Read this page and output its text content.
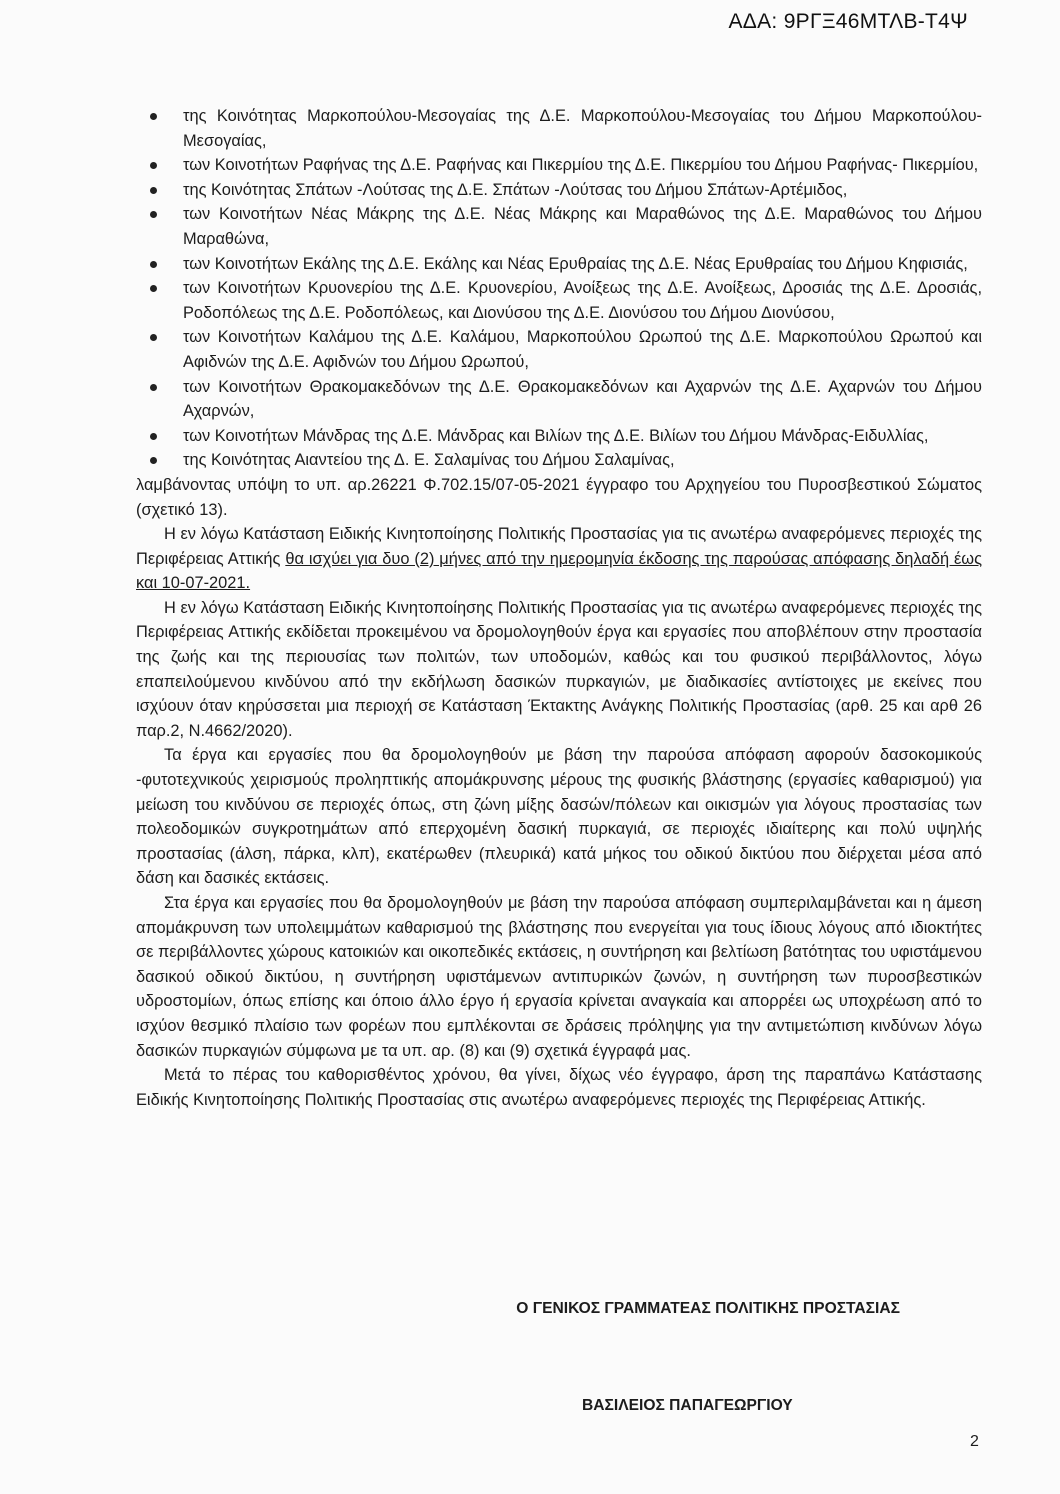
ΑΔΑ: 9ΡΓΞ46ΜΤΛΒ-Τ4Ψ
της Κοινότητας Μαρκοπούλου-Μεσογαίας της Δ.Ε. Μαρκοπούλου-Μεσογαίας του Δήμου Μαρκοπούλου-Μεσογαίας,
των Κοινοτήτων Ραφήνας της Δ.Ε. Ραφήνας και Πικερμίου της Δ.Ε. Πικερμίου του Δήμου Ραφήνας- Πικερμίου,
της Κοινότητας Σπάτων -Λούτσας της Δ.Ε. Σπάτων -Λούτσας του Δήμου Σπάτων-Αρτέμιδος,
των Κοινοτήτων Νέας Μάκρης της Δ.Ε. Νέας Μάκρης και Μαραθώνος της Δ.Ε. Μαραθώνος του Δήμου Μαραθώνα,
των Κοινοτήτων Εκάλης της Δ.Ε. Εκάλης και Νέας Ερυθραίας της Δ.Ε. Νέας Ερυθραίας του Δήμου Κηφισιάς,
των Κοινοτήτων Κρυονερίου της Δ.Ε. Κρυονερίου, Ανοίξεως της Δ.Ε. Ανοίξεως, Δροσιάς της Δ.Ε. Δροσιάς, Ροδοπόλεως της Δ.Ε. Ροδοπόλεως, και Διονύσου της Δ.Ε. Διονύσου του Δήμου Διονύσου,
των Κοινοτήτων Καλάμου της Δ.Ε. Καλάμου, Μαρκοπούλου Ωρωπού της Δ.Ε. Μαρκοπούλου Ωρωπού και Αφιδνών της Δ.Ε. Αφιδνών του Δήμου Ωρωπού,
των Κοινοτήτων Θρακομακεδόνων της Δ.Ε. Θρακομακεδόνων και Αχαρνών της Δ.Ε. Αχαρνών του Δήμου Αχαρνών,
των Κοινοτήτων Μάνδρας της Δ.Ε. Μάνδρας και Βιλίων της Δ.Ε. Βιλίων του Δήμου Μάνδρας-Ειδυλλίας,
της Κοινότητας Αιαντείου της Δ. Ε. Σαλαμίνας του Δήμου Σαλαμίνας,

λαμβάνοντας υπόψη το υπ. αρ.26221 Φ.702.15/07-05-2021 έγγραφο του Αρχηγείου του Πυροσβεστικού Σώματος (σχετικό 13).

Η εν λόγω Κατάσταση Ειδικής Κινητοποίησης Πολιτικής Προστασίας για τις ανωτέρω αναφερόμενες περιοχές της Περιφέρειας Αττικής θα ισχύει για δυο (2) μήνες από την ημερομηνία έκδοσης της παρούσας απόφασης δηλαδή έως και 10-07-2021.

Η εν λόγω Κατάσταση Ειδικής Κινητοποίησης Πολιτικής Προστασίας για τις ανωτέρω αναφερόμενες περιοχές της Περιφέρειας Αττικής εκδίδεται προκειμένου να δρομολογηθούν έργα και εργασίες που αποβλέπουν στην προστασία της ζωής και της περιουσίας των πολιτών, των υποδομών, καθώς και του φυσικού περιβάλλοντος, λόγω επαπειλούμενου κινδύνου από την εκδήλωση δασικών πυρκαγιών, με διαδικασίες αντίστοιχες με εκείνες που ισχύουν όταν κηρύσσεται μια περιοχή σε Κατάσταση Έκτακτης Ανάγκης Πολιτικής Προστασίας (αρθ. 25 και αρθ 26 παρ.2, Ν.4662/2020).

Τα έργα και εργασίες που θα δρομολογηθούν με βάση την παρούσα απόφαση αφορούν δασοκομικούς -φυτοτεχνικούς χειρισμούς προληπτικής απομάκρυνσης μέρους της φυσικής βλάστησης (εργασίες καθαρισμού) για μείωση του κινδύνου σε περιοχές όπως, στη ζώνη μίξης δασών/πόλεων και οικισμών για λόγους προστασίας των πολεοδομικών συγκροτημάτων από επερχομένη δασική πυρκαγιά, σε περιοχές ιδιαίτερης και πολύ υψηλής προστασίας (άλση, πάρκα, κλπ), εκατέρωθεν (πλευρικά) κατά μήκος του οδικού δικτύου που διέρχεται μέσα από δάση και δασικές εκτάσεις.

Στα έργα και εργασίες που θα δρομολογηθούν με βάση την παρούσα απόφαση συμπεριλαμβάνεται και η άμεση απομάκρυνση των υπολειμμάτων καθαρισμού της βλάστησης που ενεργείται για τους ίδιους λόγους από ιδιοκτήτες σε περιβάλλοντες χώρους κατοικιών και οικοπεδικές εκτάσεις, η συντήρηση και βελτίωση βατότητας του υφιστάμενου δασικού οδικού δικτύου, η συντήρηση υφιστάμενων αντιπυρικών ζωνών, η συντήρηση των πυροσβεστικών υδροστομίων, όπως επίσης και όποιο άλλο έργο ή εργασία κρίνεται αναγκαία και απορρέει ως υποχρέωση από το ισχύον θεσμικό πλαίσιο των φορέων που εμπλέκονται σε δράσεις πρόληψης για την αντιμετώπιση κινδύνων λόγω δασικών πυρκαγιών σύμφωνα με τα υπ. αρ. (8) και (9) σχετικά έγγραφά μας.

Μετά το πέρας του καθορισθέντος χρόνου, θα γίνει, δίχως νέο έγγραφο, άρση της παραπάνω Κατάστασης Ειδικής Κινητοποίησης Πολιτικής Προστασίας στις ανωτέρω αναφερόμενες περιοχές της Περιφέρειας Αττικής.

Ο ΓΕΝΙΚΟΣ ΓΡΑΜΜΑΤΕΑΣ ΠΟΛΙΤΙΚΗΣ ΠΡΟΣΤΑΣΙΑΣ
ΒΑΣΙΛΕΙΟΣ ΠΑΠΑΓΕΩΡΓΙΟΥ
2
